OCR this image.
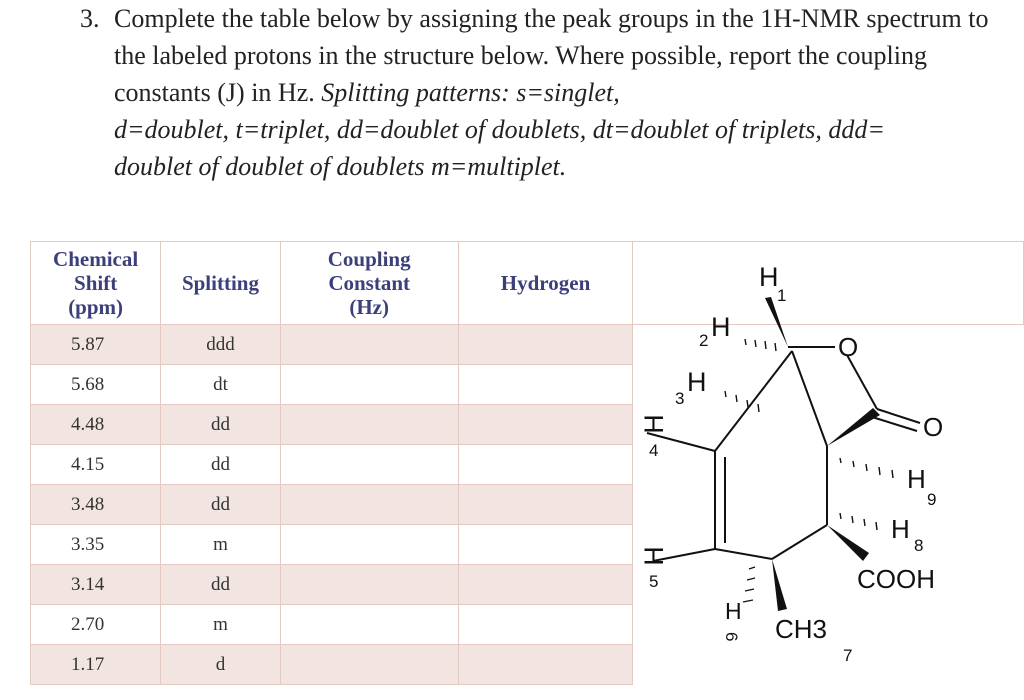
3. Complete the table below by assigning the peak groups in the 1H-NMR spectrum to the labeled protons in the structure below. Where possible, report the coupling constants (J) in Hz. Splitting patterns: s=singlet,
d=doublet, t=triplet, dd=doublet of doublets, dt=doublet of triplets, ddd=
doublet of doublet of doublets m=multiplet.
Chemical
Shift
(ppm)	Splitting	Coupling
Constant
(Hz)	Hydrogen	
5.87	ddd			
5.68	dt			
4.48	dd			
4.15	dd			
3.48	dd			
3.35	m			
3.14	dd			
2.70	m			
1.17	d			
H
1
2 H
3
H
H
4
H
5
H
6 CH3
7
H
8
H
9
O
O
COOH
